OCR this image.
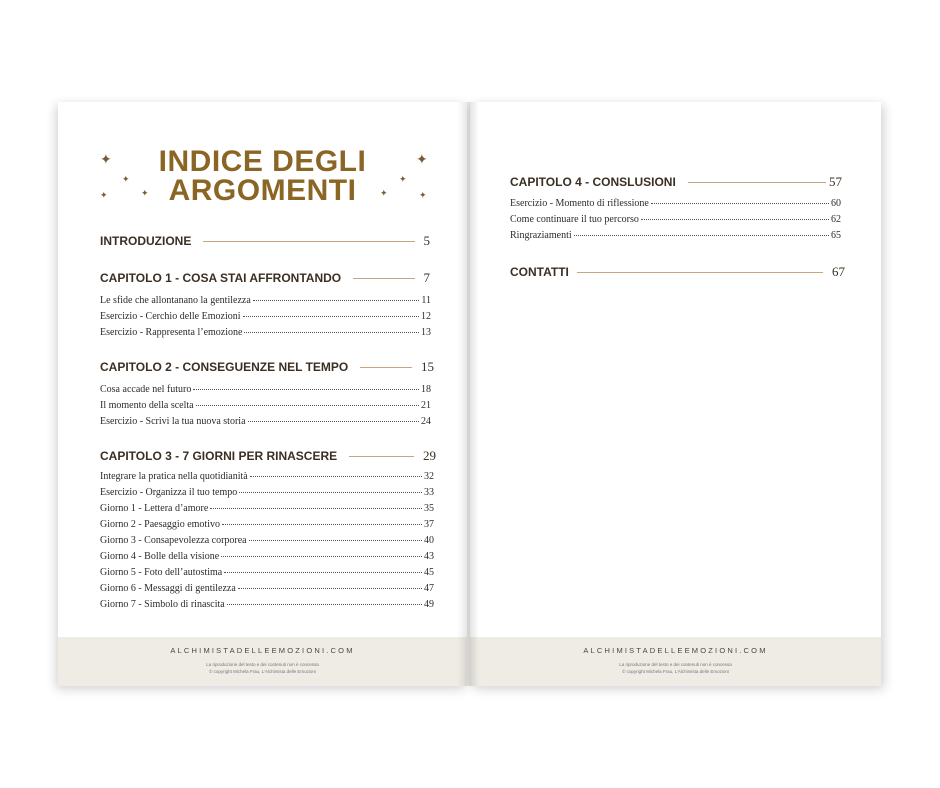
✦
✦
✦	✦
✦
✦
✦	✦
INDICE DEGLI
ARGOMENTI
INTRODUZIONE	5
CAPITOLO 1 - COSA STAI AFFRONTANDO	7
Le sfide che allontanano la gentilezza	11
Esercizio - Cerchio delle Emozioni	12
Esercizio - Rappresenta l’emozione	13
CAPITOLO 2 - CONSEGUENZE NEL TEMPO	15
Cosa accade nel futuro	18
Il momento della scelta	21
Esercizio - Scrivi la tua nuova storia	24
CAPITOLO 3 - 7 GIORNI PER RINASCERE	29
Integrare la pratica nella quotidianità	32
Esercizio - Organizza il tuo tempo	33
Giorno 1 - Lettera d’amore	35
Giorno 2 - Paesaggio emotivo	37
Giorno 3 - Consapevolezza corporea	40
Giorno 4 - Bolle della visione	43
Giorno 5 - Foto dell’autostima	45
Giorno 6 - Messaggi di gentilezza	47
Giorno 7 - Simbolo di rinascita	49
ALCHIMISTADELLEEMOZIONI.COM
La riproduzione del testo e dei contenuti non è concessa
© copyright Michela Frau, L’Alchimista delle Emozioni
CAPITOLO 4 - CONSLUSIONI	57
Esercizio - Momento di riflessione	60
Come continuare il tuo percorso	62
Ringraziamenti	65
CONTATTI	67
ALCHIMISTADELLEEMOZIONI.COM
La riproduzione del testo e dei contenuti non è concessa
© copyright Michela Frau, L’Alchimista delle Emozioni
